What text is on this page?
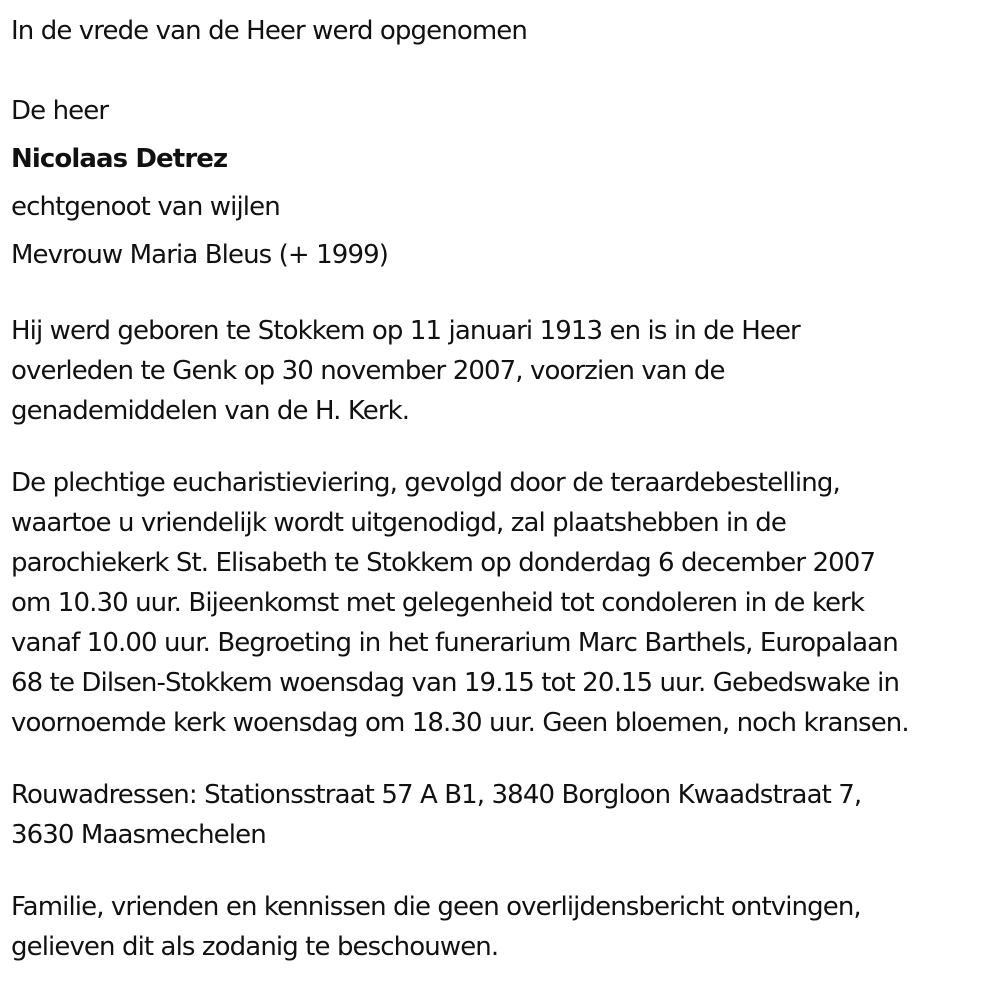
In de vrede van de Heer werd opgenomen
De heer
Nicolaas Detrez
echtgenoot van wijlen
Mevrouw Maria Bleus (+ 1999)
Hij werd geboren te Stokkem op 11 januari 1913 en is in de Heer
overleden te Genk op 30 november 2007, voorzien van de
genademiddelen van de H. Kerk.
De plechtige eucharistieviering, gevolgd door de teraardebestelling,
waartoe u vriendelijk wordt uitgenodigd, zal plaatshebben in de
parochiekerk St. Elisabeth te Stokkem op donderdag 6 december 2007
om 10.30 uur. Bijeenkomst met gelegenheid tot condoleren in de kerk
vanaf 10.00 uur. Begroeting in het funerarium Marc Barthels, Europalaan
68 te Dilsen-Stokkem woensdag van 19.15 tot 20.15 uur. Gebedswake in
voornoemde kerk woensdag om 18.30 uur. Geen bloemen, noch kransen.
Rouwadressen: Stationsstraat 57 A B1, 3840 Borgloon Kwaadstraat 7,
3630 Maasmechelen
Familie, vrienden en kennissen die geen overlijdensbericht ontvingen,
gelieven dit als zodanig te beschouwen.
